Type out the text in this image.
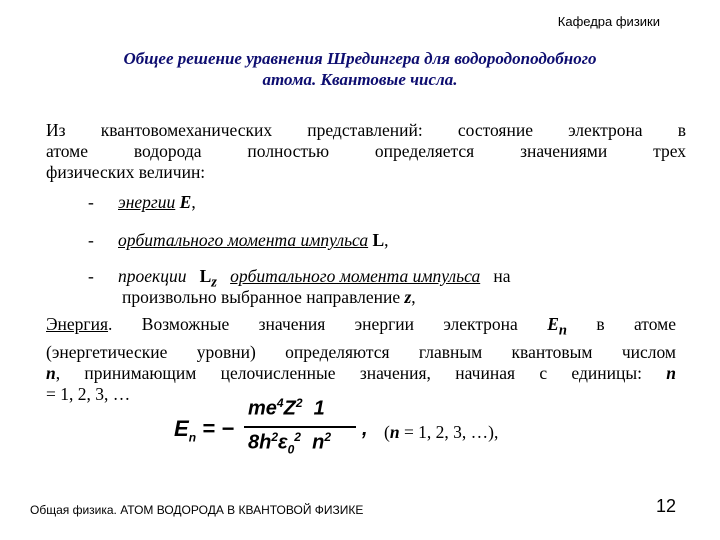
Кафедра физики
Общее решение уравнения Шредингера для водородоподобного
атома. Квантовые числа.
Из квантовомеханических представлений: состояние электрона в
атоме водорода полностью определяется значениями трех
физических величин:
- энергии E,
- орбитального момента импульса L,
- проекции $L_z$ орбитального момента импульса на
произвольно выбранное направление z,
Энергия. Возможные значения энергии электрона $E_n$ в атоме
(энергетические уровни) определяются главным квантовым числом
n, принимающим целочисленные значения, начиная с единицы: n
= 1, 2, 3, …
$E_n$ = −
$me^4Z^2$ 1
$8h^2\varepsilon_0^2$ $n^2$ , (n = 1, 2, 3, …),
Общая физика. АТОМ ВОДОРОДА В КВАНТОВОЙ ФИЗИКЕ	12
